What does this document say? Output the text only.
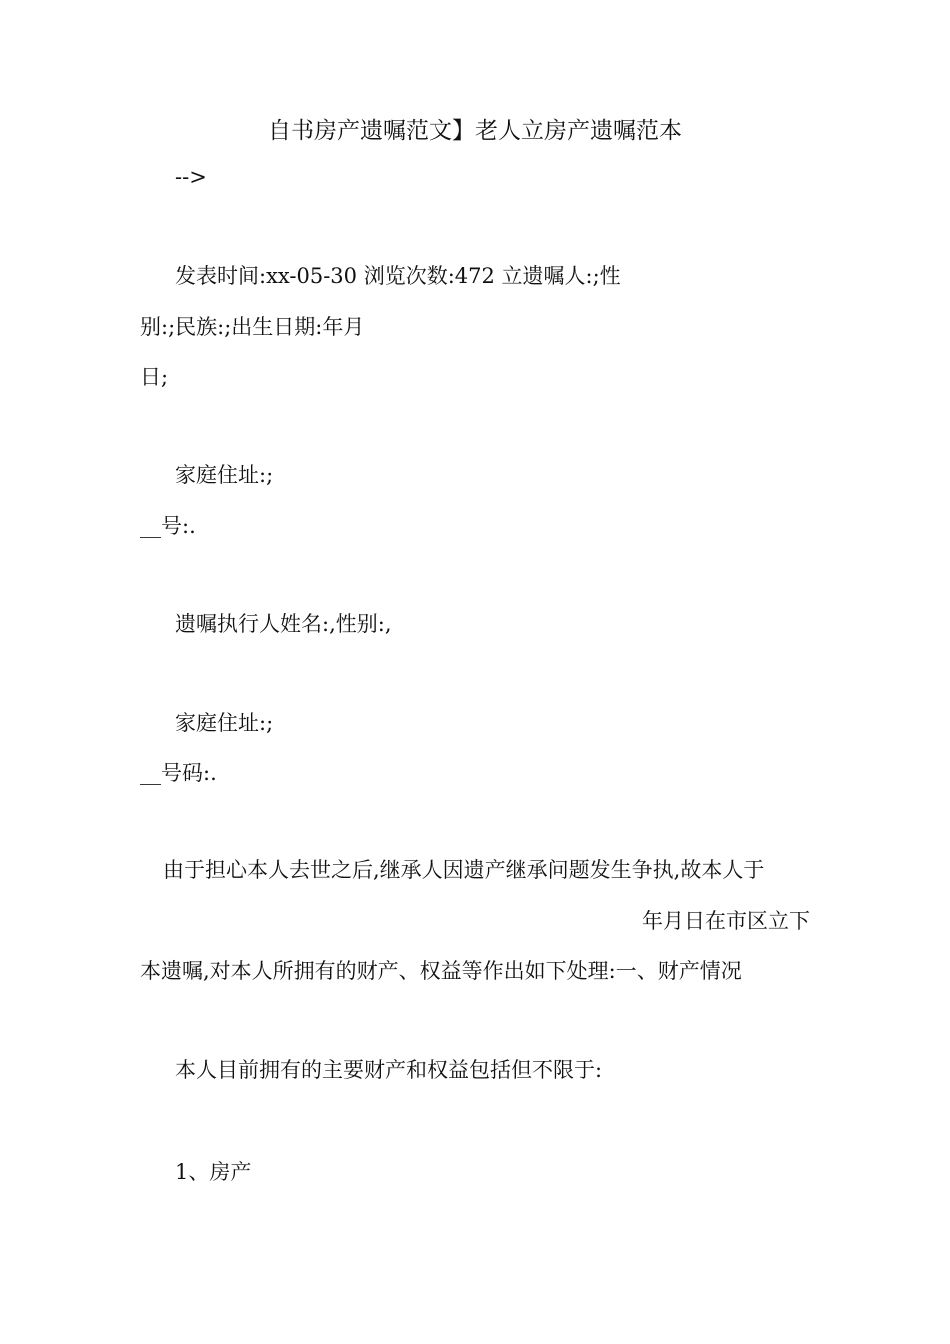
自书房产遗嘱范文】老人立房产遗嘱范本
-->
发表时间:xx-05-30 浏览次数:472 立遗嘱人:;性
别:;民族:;出生日期:年月
日;
家庭住址:;
__号:.
遗嘱执行人姓名:,性别:,
家庭住址:;
__号码:.
由于担心本人去世之后,继承人因遗产继承问题发生争执,故本人于
年月日在市区立下
本遗嘱,对本人所拥有的财产、权益等作出如下处理:一、财产情况
本人目前拥有的主要财产和权益包括但不限于:
1、房产
